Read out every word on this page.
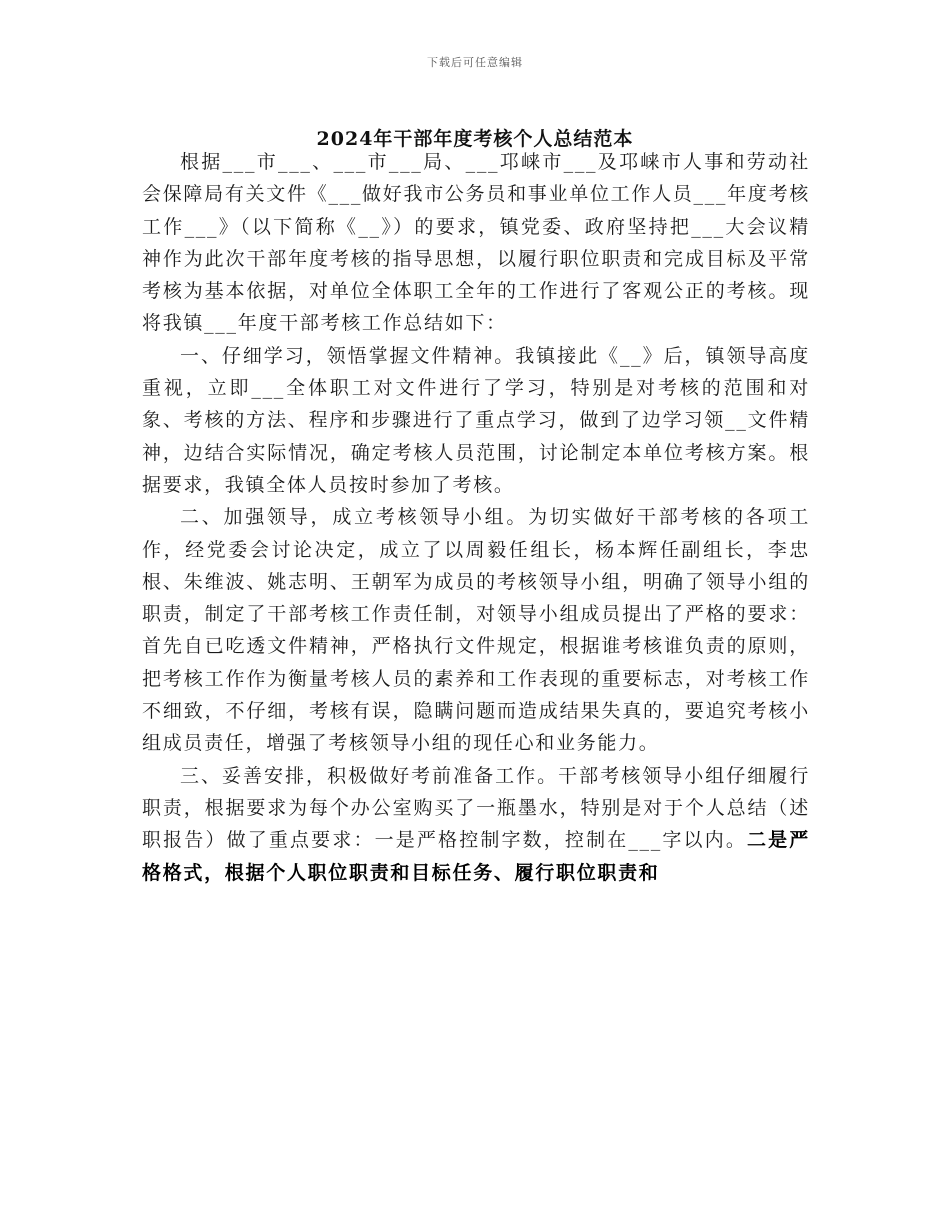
下载后可任意编辑
2024年干部年度考核个人总结范本

根据___市___、___市___局、___邛崃市___及邛崃市人事和劳动社会保障局有关文件《___做好我市公务员和事业单位工作人员___年度考核工作___》（以下简称《__》）的要求，镇党委、政府坚持把___大会议精神作为此次干部年度考核的指导思想，以履行职位职责和完成目标及平常考核为基本依据，对单位全体职工全年的工作进行了客观公正的考核。现将我镇___年度干部考核工作总结如下：

一、仔细学习，领悟掌握文件精神。我镇接此《__》后，镇领导高度重视，立即___全体职工对文件进行了学习，特别是对考核的范围和对象、考核的方法、程序和步骤进行了重点学习，做到了边学习领__文件精神，边结合实际情况，确定考核人员范围，讨论制定本单位考核方案。根据要求，我镇全体人员按时参加了考核。

二、加强领导，成立考核领导小组。为切实做好干部考核的各项工作，经党委会讨论决定，成立了以周毅任组长，杨本辉任副组长，李忠根、朱维波、姚志明、王朝军为成员的考核领导小组，明确了领导小组的职责，制定了干部考核工作责任制，对领导小组成员提出了严格的要求：首先自已吃透文件精神，严格执行文件规定，根据谁考核谁负责的原则，把考核工作作为衡量考核人员的素养和工作表现的重要标志，对考核工作不细致，不仔细，考核有误，隐瞒问题而造成结果失真的，要追究考核小组成员责任，增强了考核领导小组的现任心和业务能力。

三、妥善安排，积极做好考前准备工作。干部考核领导小组仔细履行职责，根据要求为每个办公室购买了一瓶墨水，特别是对于个人总结（述职报告）做了重点要求：一是严格控制字数，控制在___字以内。二是严格格式，根据个人职位职责和目标任务、履行职位职责和
